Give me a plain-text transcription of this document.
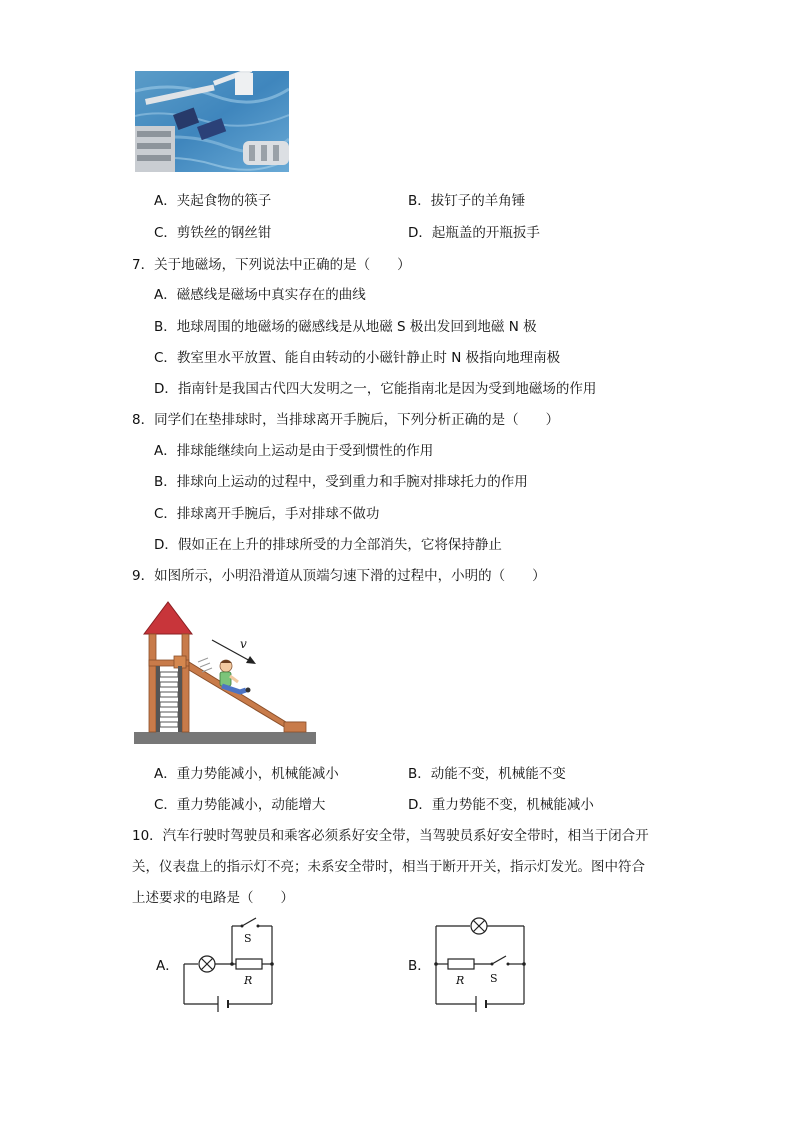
A．夹起食物的筷子	B．拔钉子的羊角锤
C．剪铁丝的钢丝钳	D．起瓶盖的开瓶扳手
7．关于地磁场，下列说法中正确的是（　　）
A．磁感线是磁场中真实存在的曲线
B．地球周围的地磁场的磁感线是从地磁 S 极出发回到地磁 N 极
C．教室里水平放置、能自由转动的小磁针静止时 N 极指向地理南极
D．指南针是我国古代四大发明之一，它能指南北是因为受到地磁场的作用
8．同学们在垫排球时，当排球离开手腕后，下列分析正确的是（　　）
A．排球能继续向上运动是由于受到惯性的作用
B．排球向上运动的过程中，受到重力和手腕对排球托力的作用
C．排球离开手腕后，手对排球不做功
D．假如正在上升的排球所受的力全部消失，它将保持静止
9．如图所示，小明沿滑道从顶端匀速下滑的过程中，小明的（　　）
v
A．重力势能减小，机械能减小	B．动能不变，机械能不变
C．重力势能减小，动能增大	D．重力势能不变，机械能减小
10．汽车行驶时驾驶员和乘客必须系好安全带，当驾驶员系好安全带时，相当于闭合开
关，仪表盘上的指示灯不亮；未系安全带时，相当于断开开关，指示灯发光。图中符合
上述要求的电路是（　　）
A．
S
R
B．
R S
